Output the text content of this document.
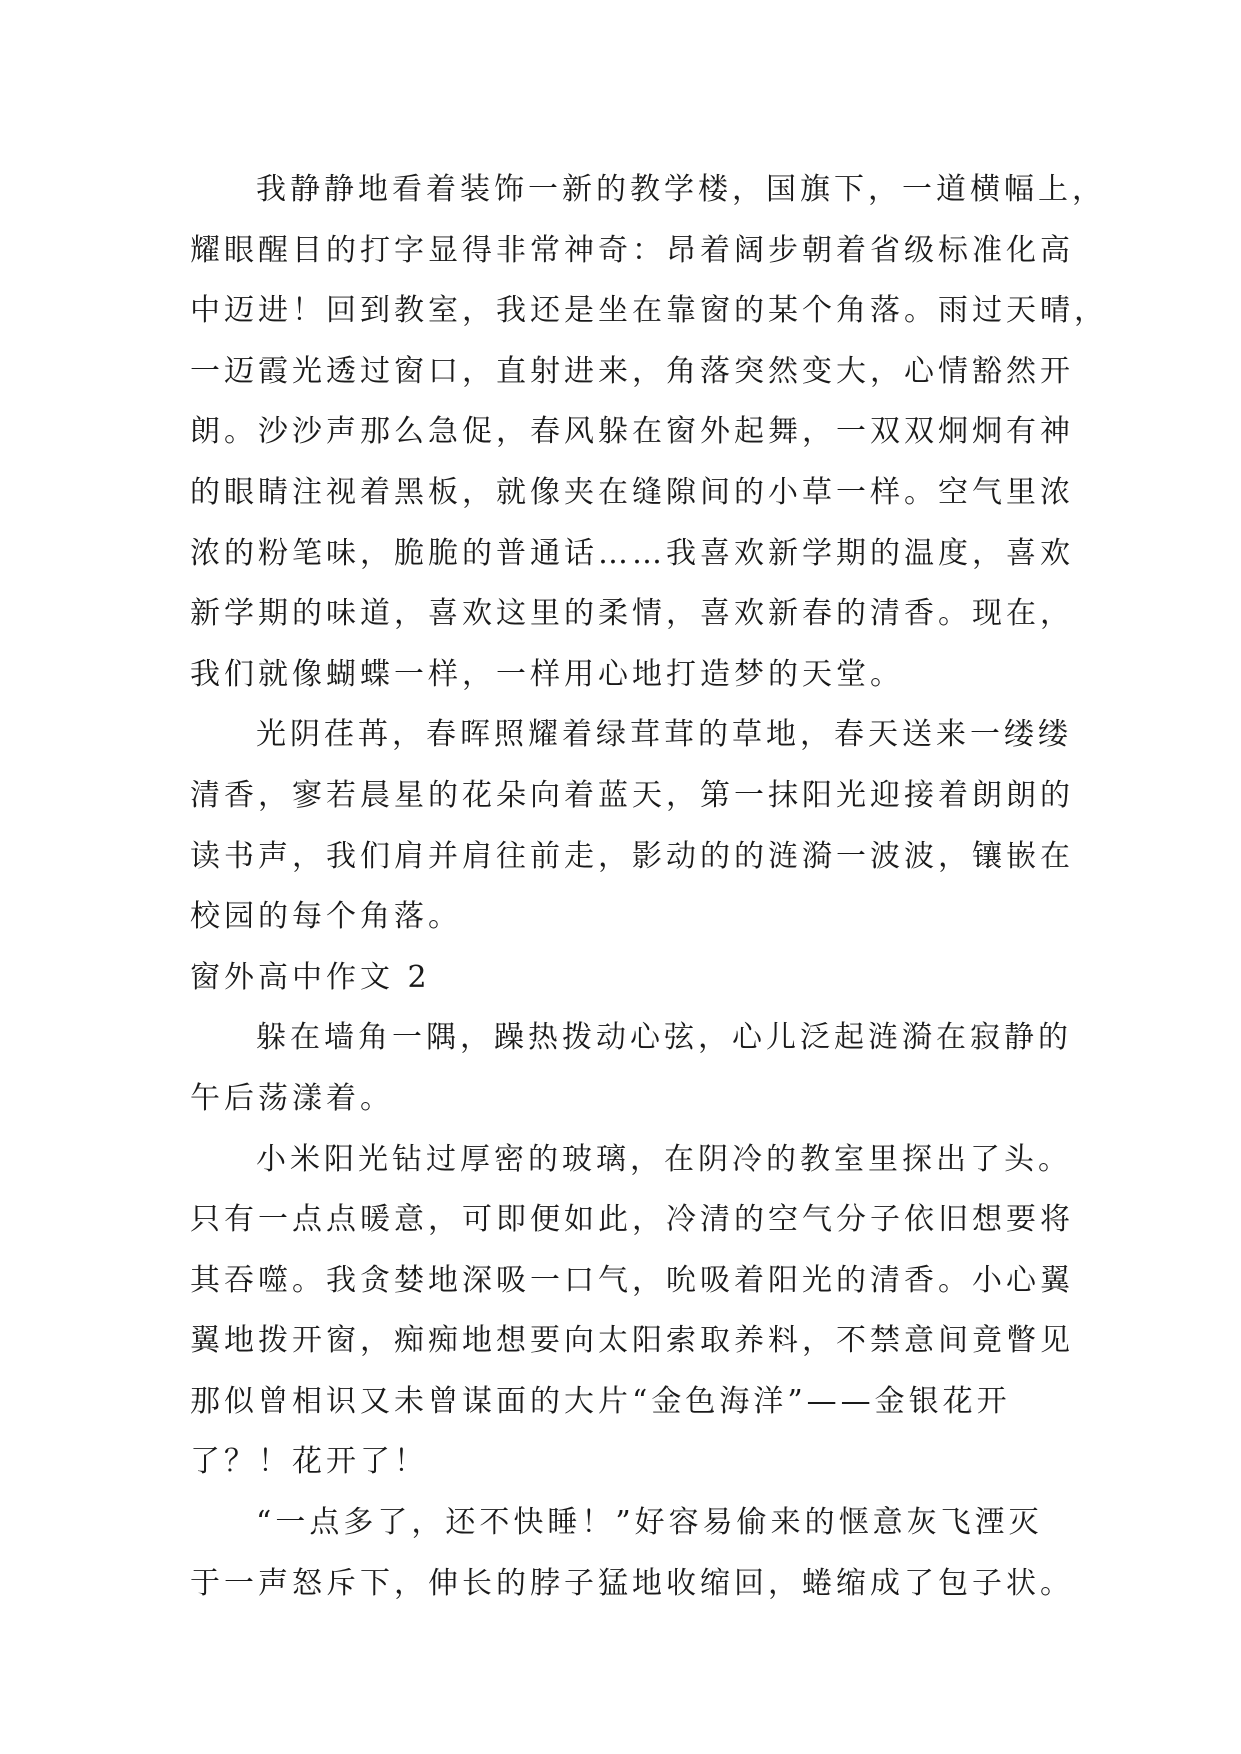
我静静地看着装饰一新的教学楼，国旗下，一道横幅上，
耀眼醒目的打字显得非常神奇：昂着阔步朝着省级标准化高
中迈进！回到教室，我还是坐在靠窗的某个角落。雨过天晴，
一迈霞光透过窗口，直射进来，角落突然变大，心情豁然开
朗。沙沙声那么急促，春风躲在窗外起舞，一双双炯炯有神
的眼睛注视着黑板，就像夹在缝隙间的小草一样。空气里浓
浓的粉笔味，脆脆的普通话……我喜欢新学期的温度，喜欢
新学期的味道，喜欢这里的柔情，喜欢新春的清香。现在，
我们就像蝴蝶一样，一样用心地打造梦的天堂。
光阴荏苒，春晖照耀着绿茸茸的草地，春天送来一缕缕
清香，寥若晨星的花朵向着蓝天，第一抹阳光迎接着朗朗的
读书声，我们肩并肩往前走，影动的的涟漪一波波，镶嵌在
校园的每个角落。
窗外高中作文 2
躲在墙角一隅，躁热拨动心弦，心儿泛起涟漪在寂静的
午后荡漾着。
小米阳光钻过厚密的玻璃，在阴冷的教室里探出了头。
只有一点点暖意，可即便如此，冷清的空气分子依旧想要将
其吞噬。我贪婪地深吸一口气，吮吸着阳光的清香。小心翼
翼地拨开窗，痴痴地想要向太阳索取养料，不禁意间竟瞥见
那似曾相识又未曾谋面的大片“金色海洋”——金银花开
了？！花开了！
“一点多了，还不快睡！”好容易偷来的惬意灰飞湮灭
于一声怒斥下，伸长的脖子猛地收缩回，蜷缩成了包子状。
